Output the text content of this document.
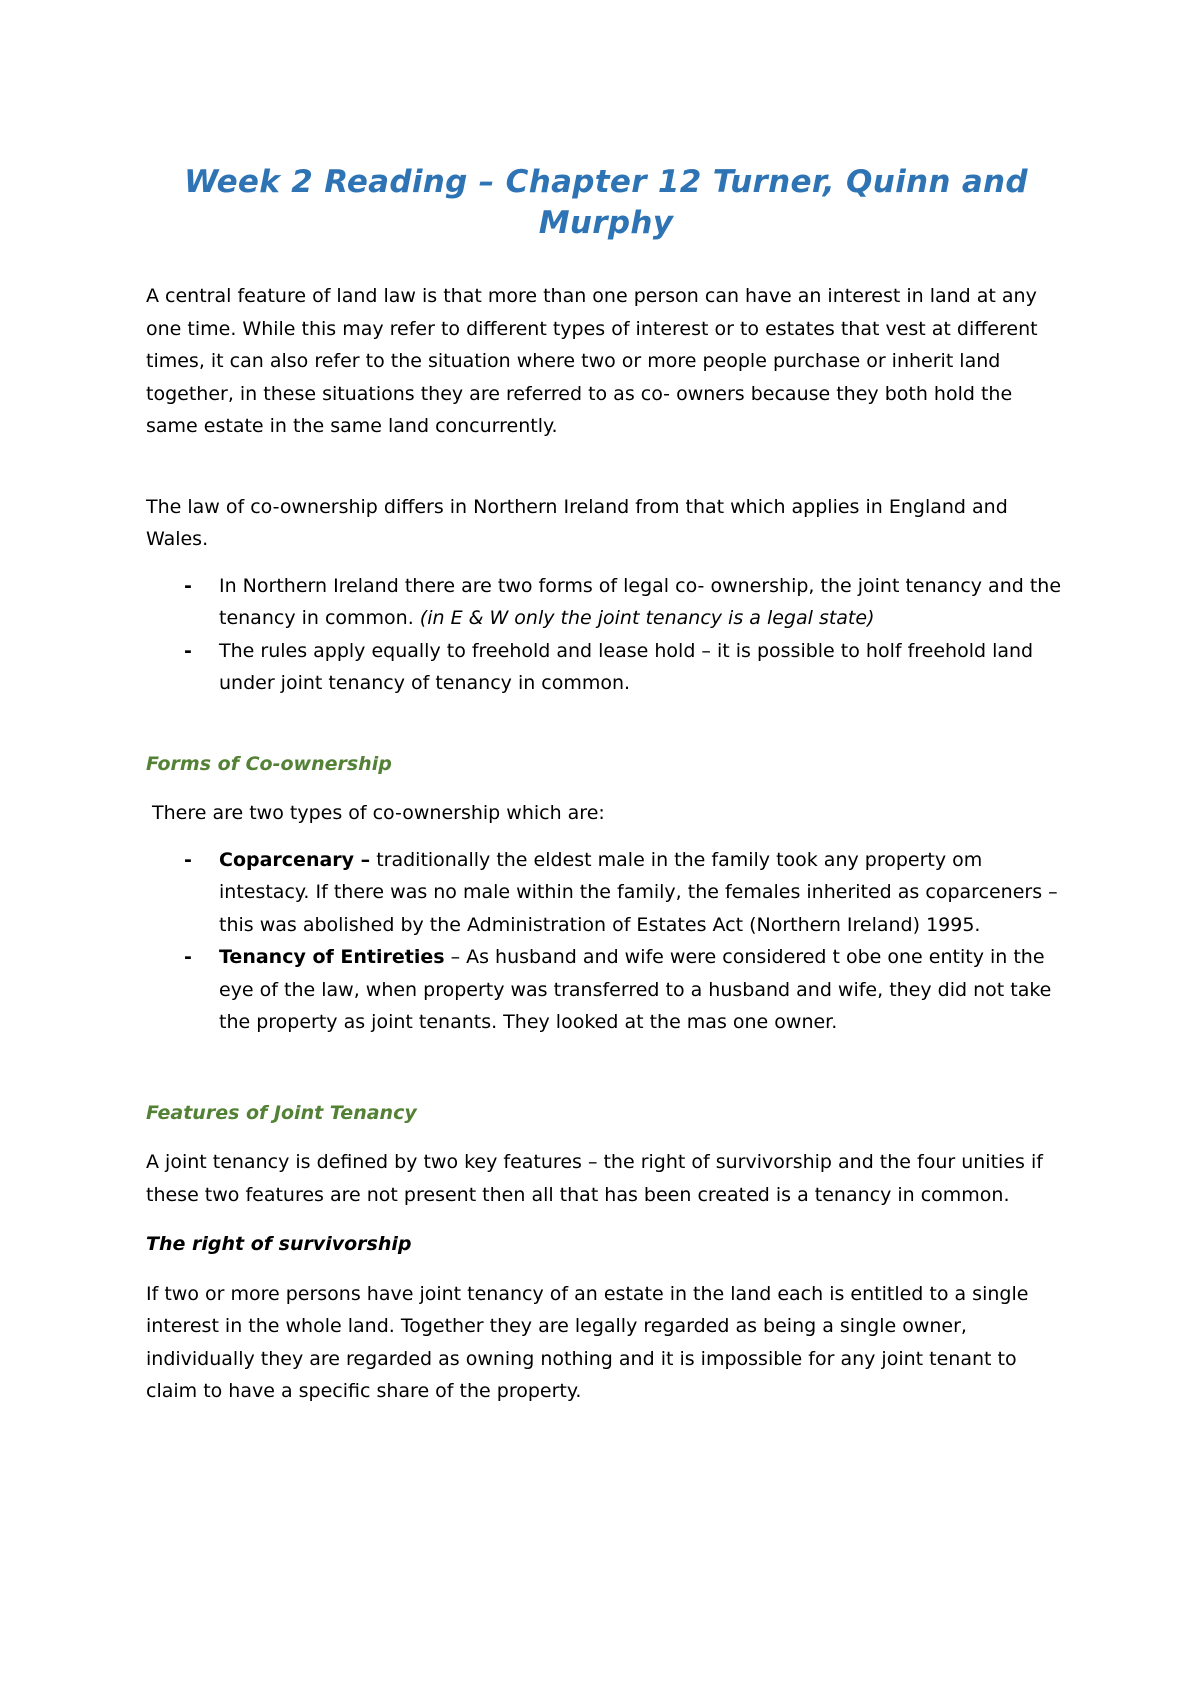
Week 2 Reading – Chapter 12 Turner, Quinn and Murphy

A central feature of land law is that more than one person can have an interest in land at any one time. While this may refer to different types of interest or to estates that vest at different times, it can also refer to the situation where two or more people purchase or inherit land together, in these situations they are referred to as co- owners because they both hold the same estate in the same land concurrently.

The law of co-ownership differs in Northern Ireland from that which applies in England and Wales.

- In Northern Ireland there are two forms of legal co- ownership, the joint tenancy and the tenancy in common. (in E & W only the joint tenancy is a legal state)
- The rules apply equally to freehold and lease hold – it is possible to holf freehold land under joint tenancy of tenancy in common.

Forms of Co-ownership

There are two types of co-ownership which are:

- Coparcenary – traditionally the eldest male in the family took any property om intestacy. If there was no male within the family, the females inherited as coparceners – this was abolished by the Administration of Estates Act (Northern Ireland) 1995.
- Tenancy of Entireties – As husband and wife were considered t obe one entity in the eye of the law, when property was transferred to a husband and wife, they did not take the property as joint tenants. They looked at the mas one owner.

Features of Joint Tenancy

A joint tenancy is defined by two key features – the right of survivorship and the four unities if these two features are not present then all that has been created is a tenancy in common.

The right of survivorship

If two or more persons have joint tenancy of an estate in the land each is entitled to a single interest in the whole land. Together they are legally regarded as being a single owner, individually they are regarded as owning nothing and it is impossible for any joint tenant to claim to have a specific share of the property.
